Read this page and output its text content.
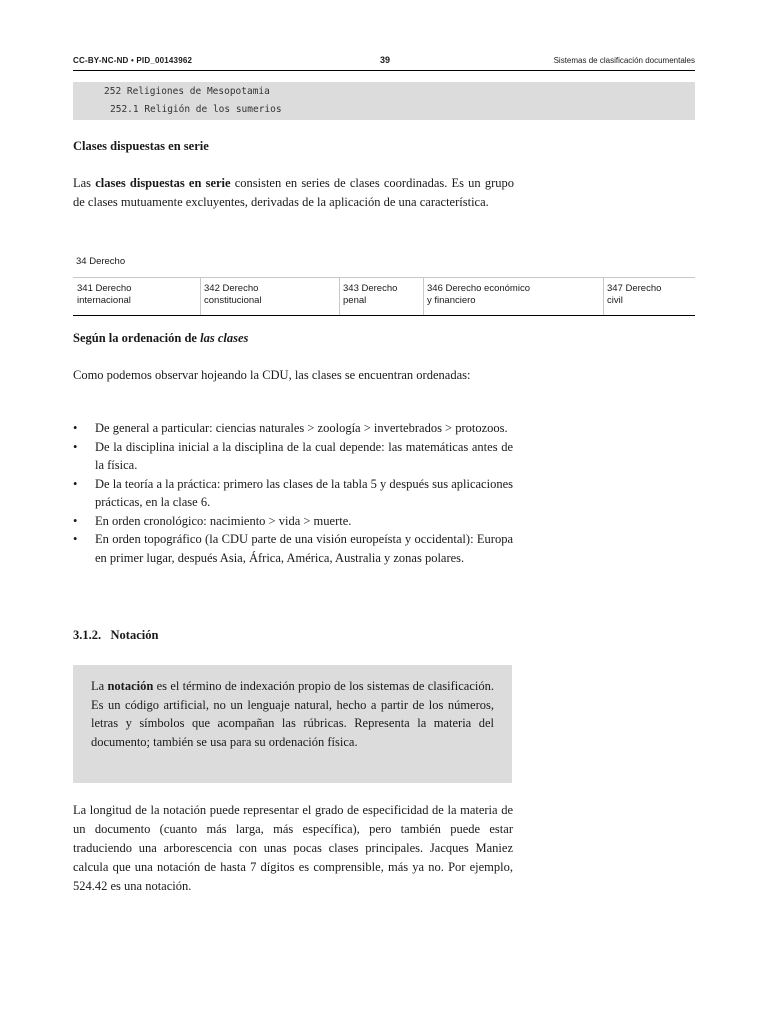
CC-BY-NC-ND • PID_00143962	39	Sistemas de clasificación documentales
252 Religiones de Mesopotamia
252.1 Religión de los sumerios
Clases dispuestas en serie
Las clases dispuestas en serie consisten en series de clases coordinadas. Es un grupo de clases mutuamente excluyentes, derivadas de la aplicación de una característica.
34 Derecho
341 Derecho
internacional
342 Derecho
constitucional
343 Derecho
penal
346 Derecho económico
y financiero
347 Derecho
civil
Según la ordenación de las clases
Como podemos observar hojeando la CDU, las clases se encuentran ordenadas:
• De general a particular: ciencias naturales > zoología > invertebrados > protozoos.
• De la disciplina inicial a la disciplina de la cual depende: las matemáticas antes de la física.
• De la teoría a la práctica: primero las clases de la tabla 5 y después sus aplicaciones prácticas, en la clase 6.
• En orden cronológico: nacimiento > vida > muerte.
• En orden topográfico (la CDU parte de una visión europeísta y occidental): Europa en primer lugar, después Asia, África, América, Australia y zonas polares.
3.1.2.   Notación
La notación es el término de indexación propio de los sistemas de clasificación. Es un código artificial, no un lenguaje natural, hecho a partir de los números, letras y símbolos que acompañan las rúbricas. Representa la materia del documento; también se usa para su ordenación física.
La longitud de la notación puede representar el grado de especificidad de la materia de un documento (cuanto más larga, más específica), pero también puede estar traduciendo una arborescencia con unas pocas clases principales. Jacques Maniez calcula que una notación de hasta 7 dígitos es comprensible, más ya no. Por ejemplo, 524.42 es una notación.
